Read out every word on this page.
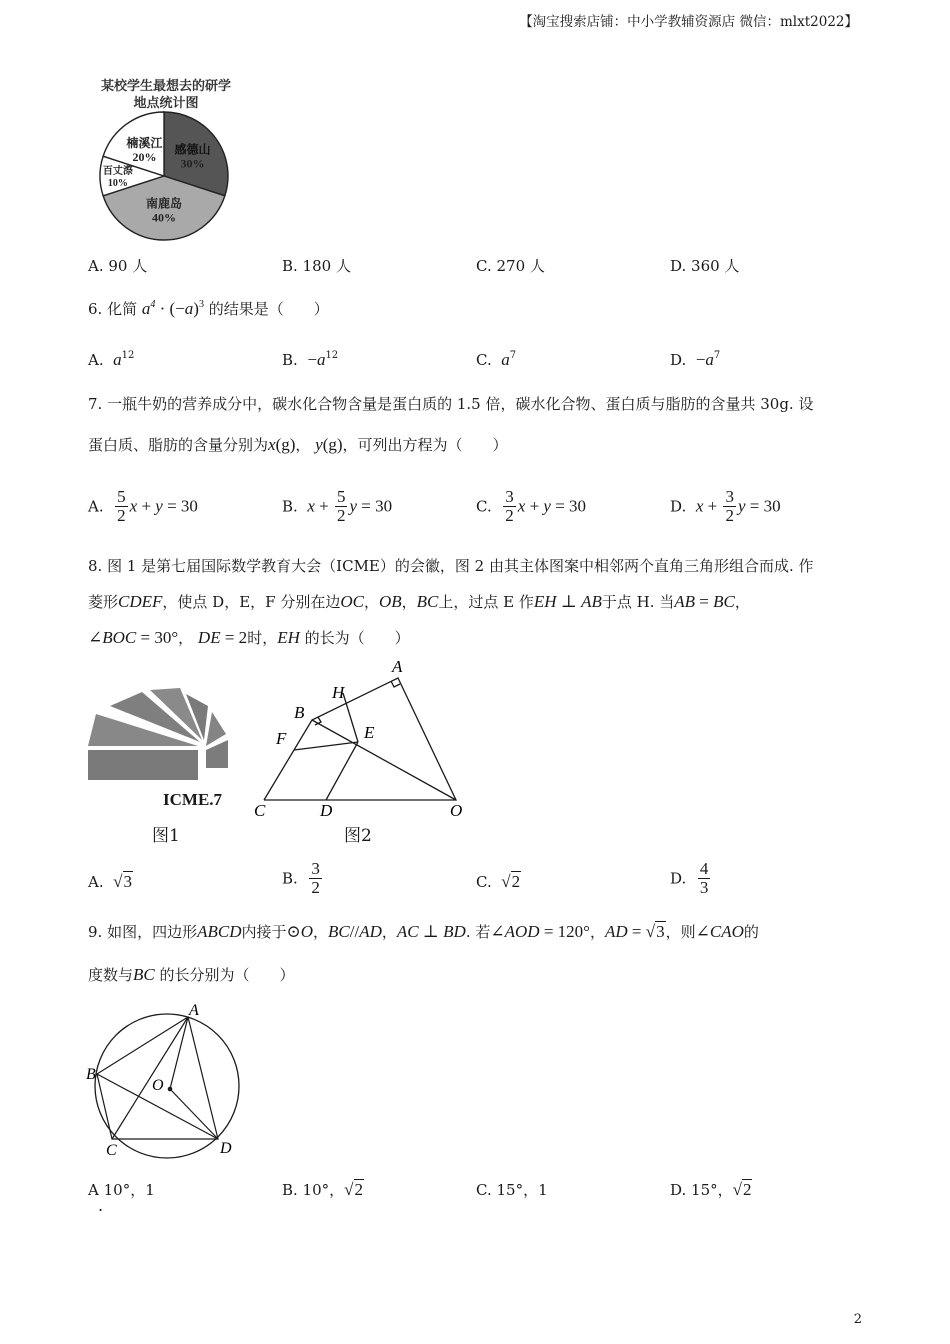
【淘宝搜索店铺：中小学教辅资源店 微信：mlxt2022】
某校学生最想去的研学
地点统计图
感德山
30%
南鹿岛
40%
百丈漈
10%
楠溪江
20%
A. 90 人	B. 180 人	C. 270 人	D. 360 人
6. 化简 $a^4 \cdot (-a)^3$ 的结果是（　　）
A. $a^{12}$	B. $-a^{12}$	C. $a^7$	D. $-a^7$
7. 一瓶牛奶的营养成分中，碳水化合物含量是蛋白质的 1.5 倍，碳水化合物、蛋白质与脂肪的含量共 30g. 设
蛋白质、脂肪的含量分别为x(g)， y(g)，可列出方程为（　　）
A. $\frac{5}{2}$ x + y = 30	B. $x + \frac{5}{2}$ y = 30	C. $\frac{3}{2}$ x + y = 30	D. $x + \frac{3}{2}$ y = 30
8. 图 1 是第七届国际数学教育大会（ICME）的会徽，图 2 由其主体图案中相邻两个直角三角形组合而成. 作
菱形CDEF，使点 D，E，F 分别在边OC，OB，BC上，过点 E 作EH ⊥ AB于点 H. 当AB = BC，
∠BOC = 30°， DE = 2时，EH 的长为（　　）
ICME.7
图1
A
H
B
E
F
C	D	O
图2
A. √3	B. $\frac{3}{2}$	C. √2	D. $\frac{4}{3}$
9. 如图，四边形ABCD内接于⊙O，BC//AD，AC ⊥ BD. 若∠AOD = 120°，AD = √3，则∠CAO的
度数与BC 的长分别为（　　）
A
B
O
C	D
A 10°，1
.
B. 10°，√2	C. 15°，1	D. 15°，√2
2
